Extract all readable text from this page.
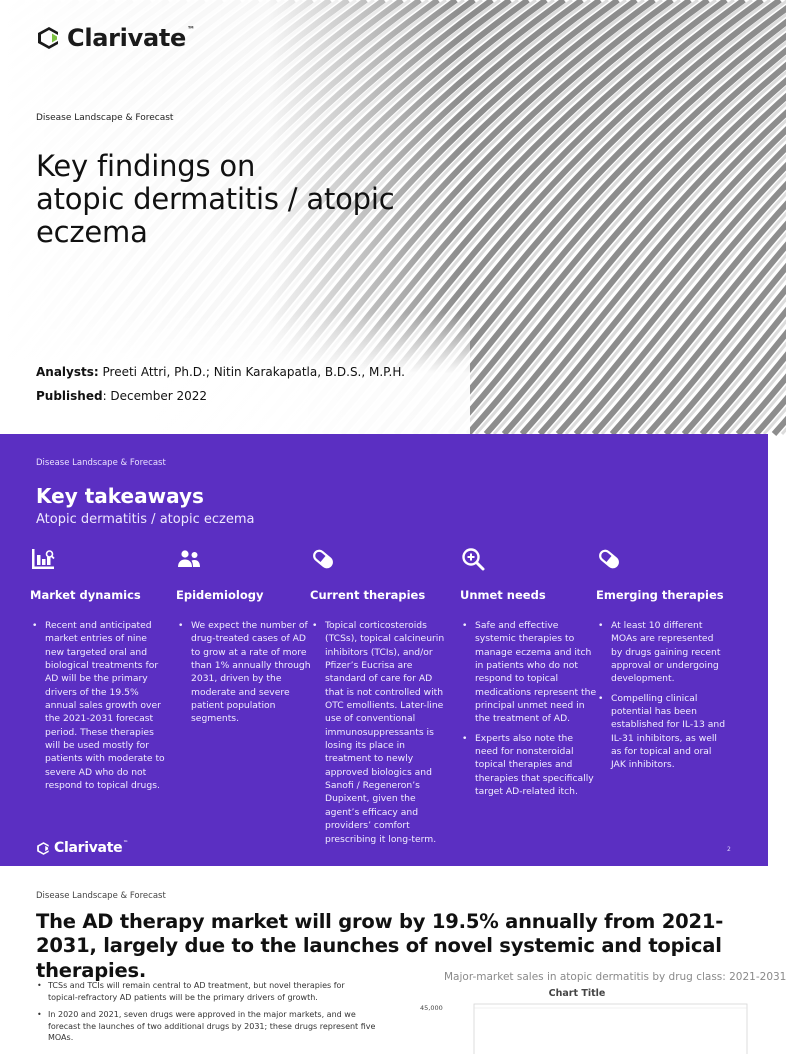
Clarivate ™
Disease Landscape & Forecast
Key findings on
atopic dermatitis / atopic
eczema
Analysts: Preeti Attri, Ph.D.; Nitin Karakapatla, B.D.S., M.P.H.
Published: December 2022
Disease Landscape & Forecast
Key takeaways
Atopic dermatitis / atopic eczema
Market dynamics
• Recent and anticipated market entries of nine new targeted oral and biological treatments for AD will be the primary drivers of the 19.5% annual sales growth over the 2021-2031 forecast period. These therapies will be used mostly for patients with moderate to severe AD who do not respond to topical drugs.
Epidemiology
• We expect the number of drug-treated cases of AD to grow at a rate of more than 1% annually through 2031, driven by the moderate and severe patient population segments.
Current therapies
• Topical corticosteroids (TCSs), topical calcineurin inhibitors (TCIs), and/or Pfizer’s Eucrisa are standard of care for AD that is not controlled with OTC emollients. Later-line use of conventional immunosuppressants is losing its place in treatment to newly approved biologics and Sanofi / Regeneron’s Dupixent, given the agent’s efficacy and providers’ comfort prescribing it long-term.
Unmet needs
• Safe and effective systemic therapies to manage eczema and itch in patients who do not respond to topical medications represent the principal unmet need in the treatment of AD.
• Experts also note the need for nonsteroidal topical therapies and therapies that specifically target AD-related itch.
Emerging therapies
• At least 10 different MOAs are represented by drugs gaining recent approval or undergoing development.
• Compelling clinical potential has been established for IL-13 and IL-31 inhibitors, as well as for topical and oral JAK inhibitors.
Clarivate ™
2
Disease Landscape & Forecast
The AD therapy market will grow by 19.5% annually from 2021-2031, largely due to the launches of novel systemic and topical therapies.
• TCSs and TCIs will remain central to AD treatment, but novel therapies for topical-refractory AD patients will be the primary drivers of growth.
• In 2020 and 2021, seven drugs were approved in the major markets, and we forecast the launches of two additional drugs by 2031; these drugs represent five MOAs.
Major-market sales in atopic dermatitis by drug class: 2021-2031
Chart Title
45,000
